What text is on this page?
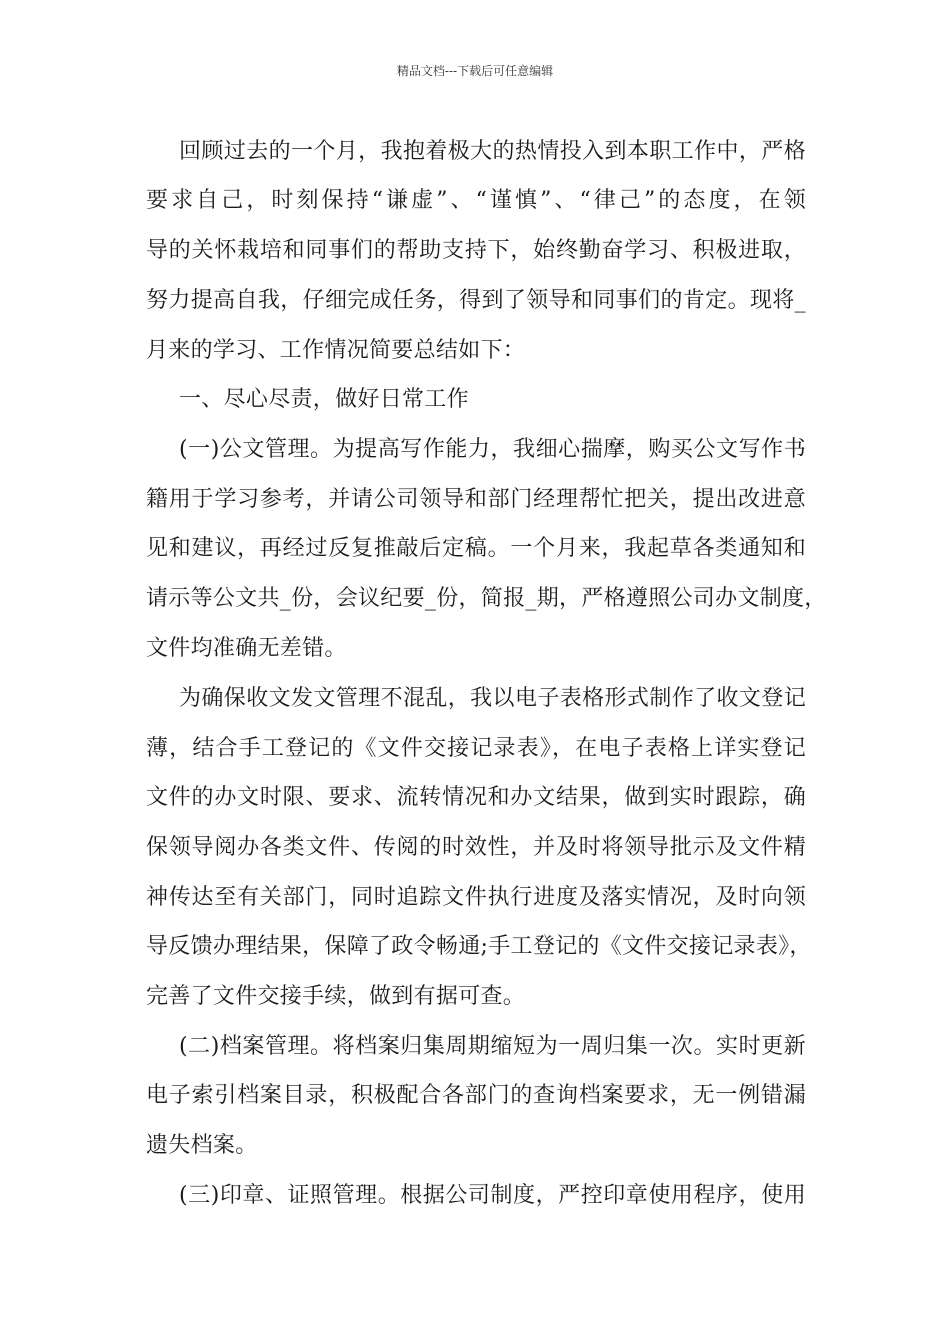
精品文档---下载后可任意编辑
回顾过去的一个月，我抱着极大的热情投入到本职工作中，严格
要求自己，时刻保持“谦虚”、“谨慎”、“律己”的态度，在领
导的关怀栽培和同事们的帮助支持下，始终勤奋学习、积极进取，
努力提高自我，仔细完成任务，得到了领导和同事们的肯定。现将_
月来的学习、工作情况简要总结如下：
一、尽心尽责，做好日常工作
(一)公文管理。为提高写作能力，我细心揣摩，购买公文写作书
籍用于学习参考，并请公司领导和部门经理帮忙把关，提出改进意
见和建议，再经过反复推敲后定稿。一个月来，我起草各类通知和
请示等公文共_份，会议纪要_份，简报_期，严格遵照公司办文制度，
文件均准确无差错。
为确保收文发文管理不混乱，我以电子表格形式制作了收文登记
薄，结合手工登记的《文件交接记录表》，在电子表格上详实登记
文件的办文时限、要求、流转情况和办文结果，做到实时跟踪，确
保领导阅办各类文件、传阅的时效性，并及时将领导批示及文件精
神传达至有关部门，同时追踪文件执行进度及落实情况，及时向领
导反馈办理结果，保障了政令畅通;手工登记的《文件交接记录表》，
完善了文件交接手续，做到有据可查。
(二)档案管理。将档案归集周期缩短为一周归集一次。实时更新
电子索引档案目录，积极配合各部门的查询档案要求，无一例错漏
遗失档案。
(三)印章、证照管理。根据公司制度，严控印章使用程序，使用
